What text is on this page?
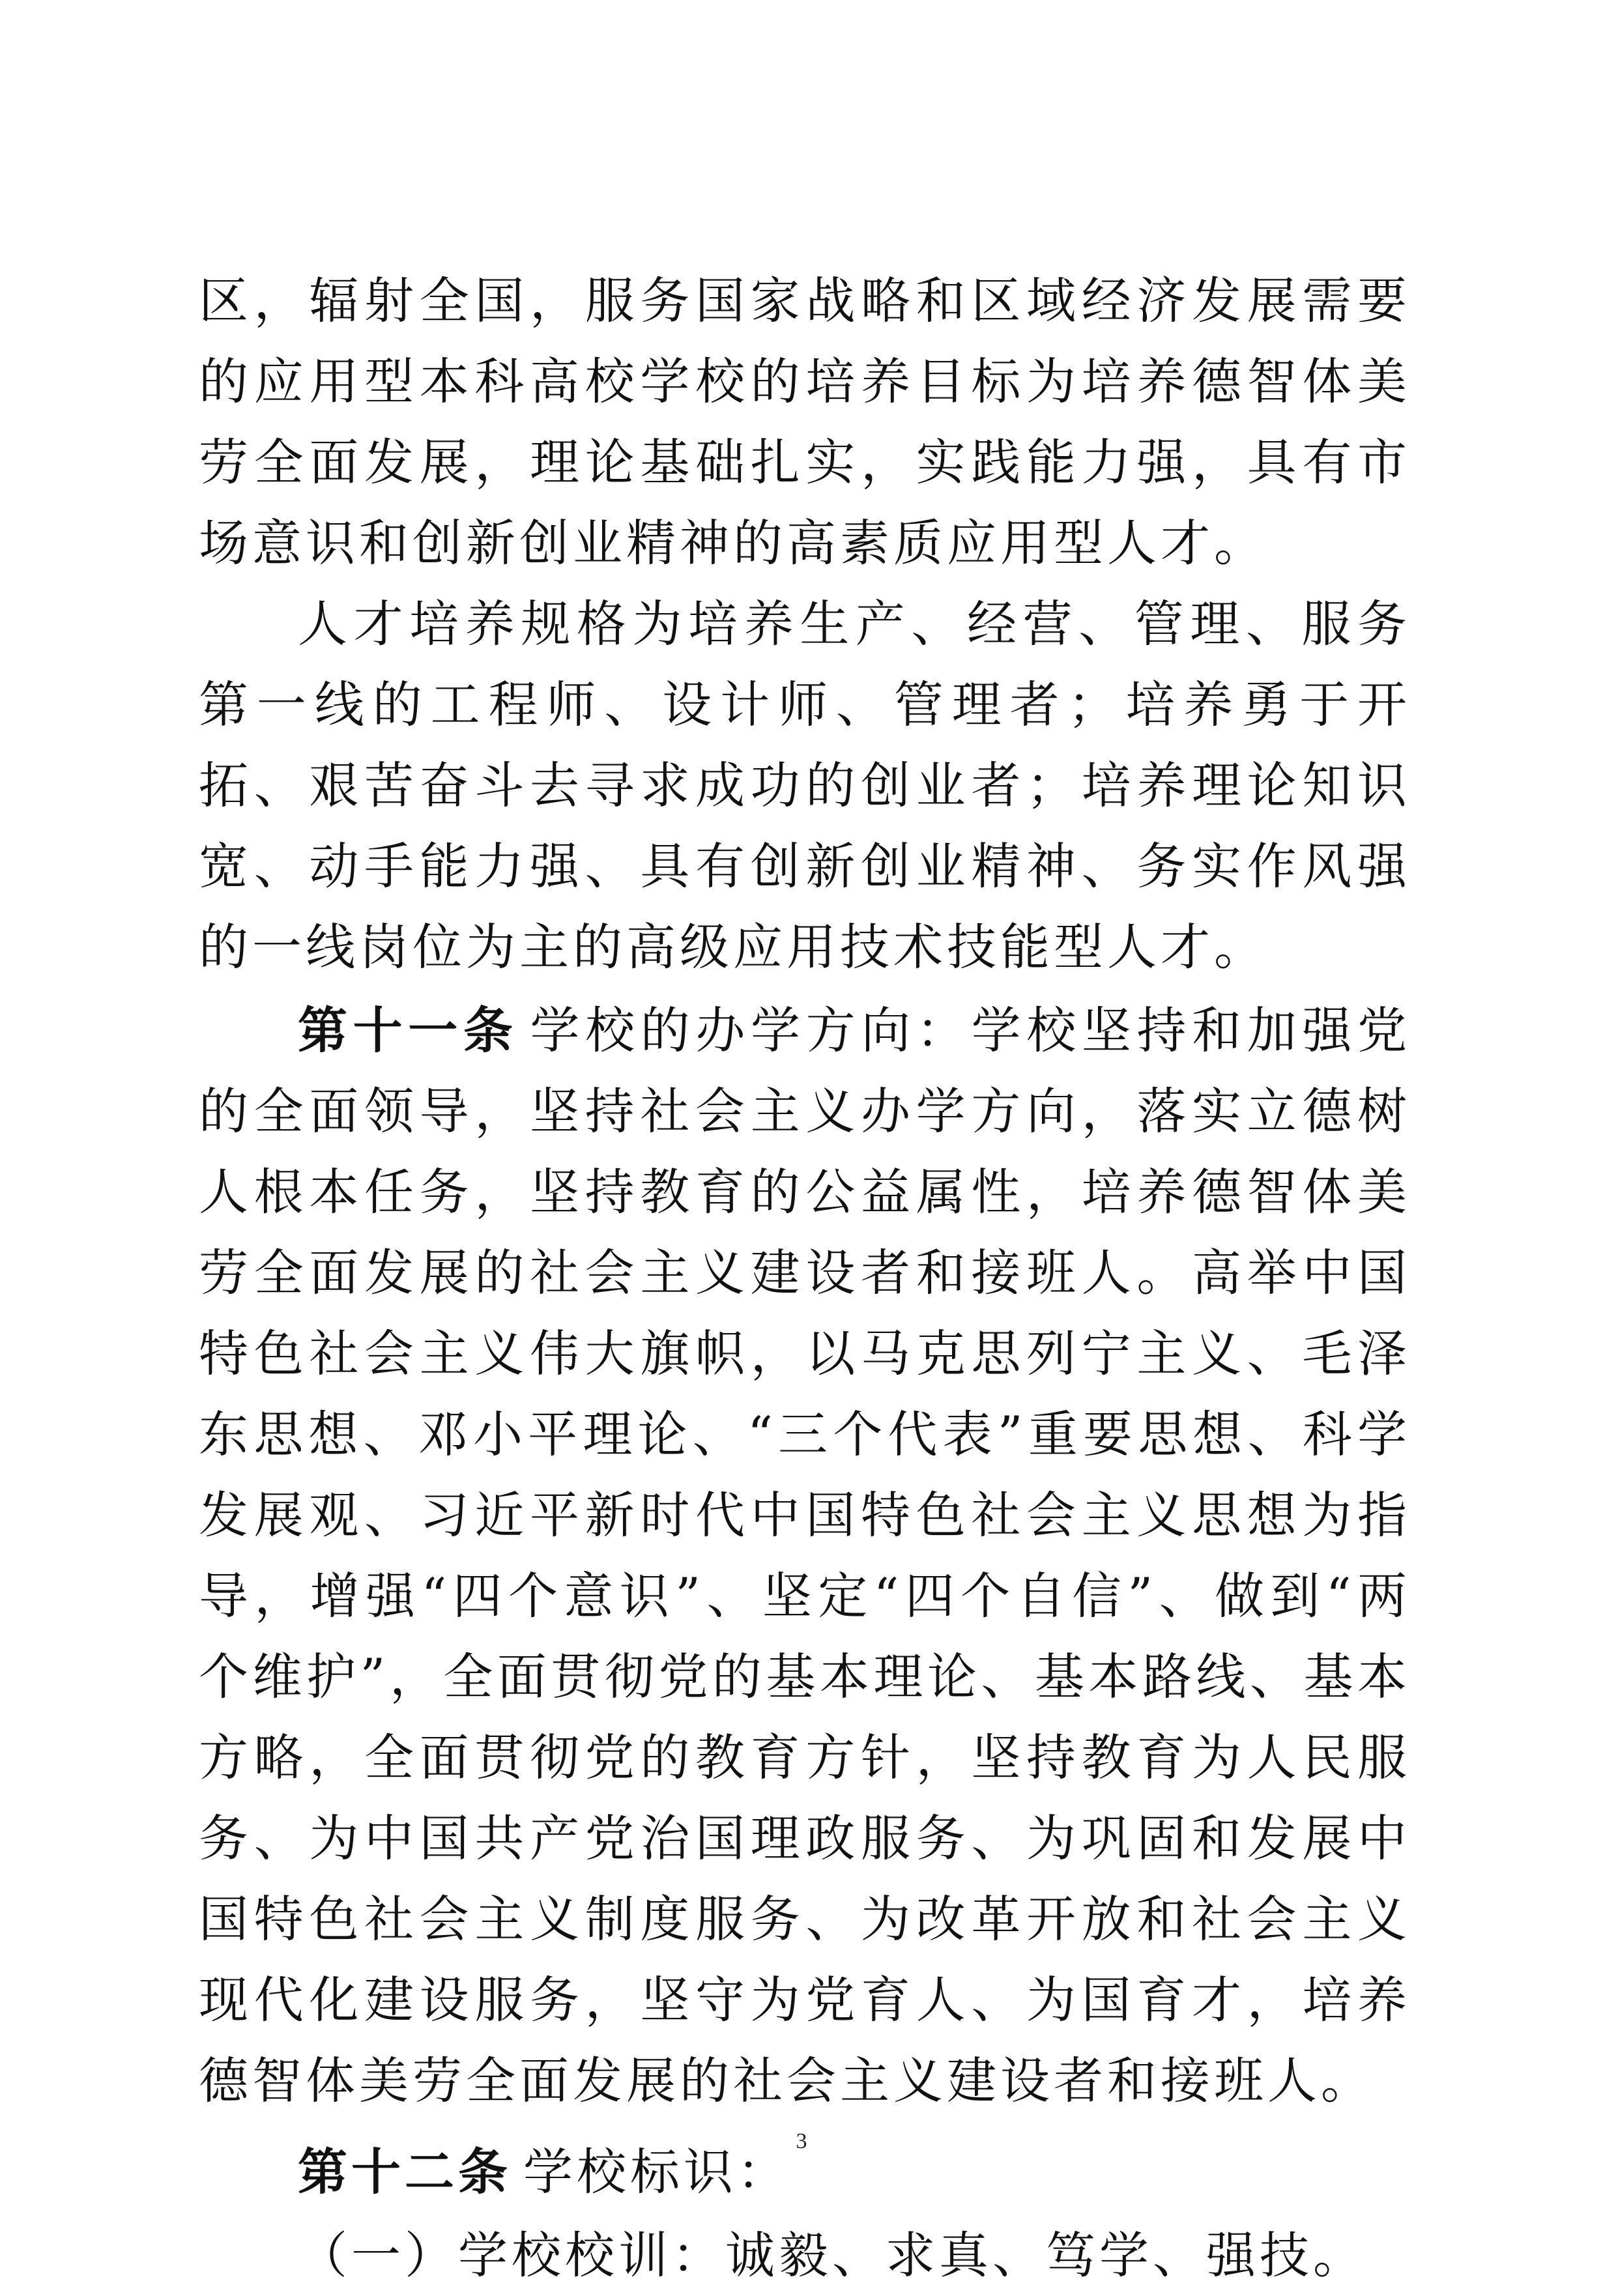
区，辐射全国，服务国家战略和区域经济发展需要的应用型本科高校学校的培养目标为培养德智体美劳全面发展，理论基础扎实，实践能力强，具有市场意识和创新创业精神的高素质应用型人才。

人才培养规格为培养生产、经营、管理、服务第一线的工程师、设计师、管理者；培养勇于开拓、艰苦奋斗去寻求成功的创业者；培养理论知识宽、动手能力强、具有创新创业精神、务实作风强的一线岗位为主的高级应用技术技能型人才。

第十一条 学校的办学方向：学校坚持和加强党的全面领导，坚持社会主义办学方向，落实立德树人根本任务，坚持教育的公益属性，培养德智体美劳全面发展的社会主义建设者和接班人。高举中国特色社会主义伟大旗帜，以马克思列宁主义、毛泽东思想、邓小平理论、“三个代表”重要思想、科学发展观、习近平新时代中国特色社会主义思想为指导，增强“四个意识”、坚定“四个自信”、做到“两个维护”，全面贯彻党的基本理论、基本路线、基本方略，全面贯彻党的教育方针，坚持教育为人民服务、为中国共产党治国理政服务、为巩固和发展中国特色社会主义制度服务、为改革开放和社会主义现代化建设服务，坚守为党育人、为国育才，培养德智体美劳全面发展的社会主义建设者和接班人。

第十二条 学校标识：

（一）学校校训：诚毅、求真、笃学、强技。

3
